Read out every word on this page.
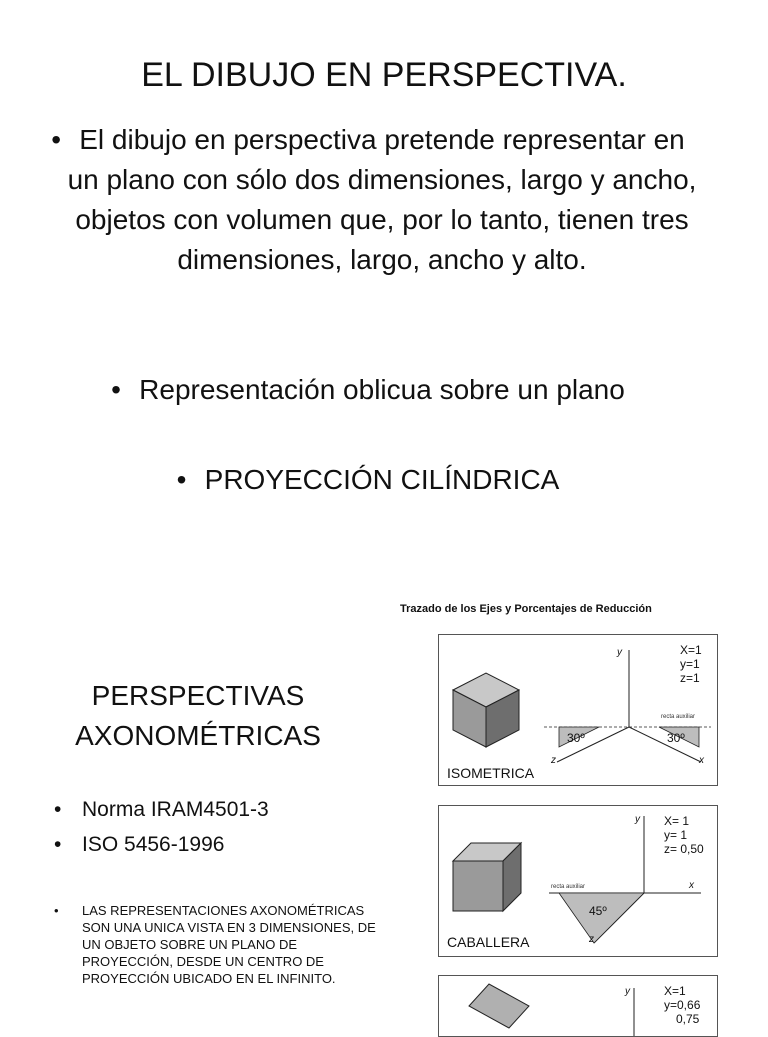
EL DIBUJO EN PERSPECTIVA.
• El dibujo en perspectiva pretende representar en un plano con sólo dos dimensiones, largo y ancho, objetos con volumen que, por lo tanto, tienen tres dimensiones, largo, ancho y alto.
• Representación oblicua sobre un plano
• PROYECCIÓN CILÍNDRICA
PERSPECTIVAS
AXONOMÉTRICAS
• Norma IRAM4501-3
• ISO 5456-1996
• LAS REPRESENTACIONES AXONOMÉTRICAS SON UNA UNICA VISTA EN 3 DIMENSIONES, DE UN OBJETO SOBRE UN PLANO DE PROYECCIÓN, DESDE UN CENTRO DE PROYECCIÓN UBICADO EN EL INFINITO.
Trazado de los Ejes y Porcentajes de Reducción
y
z	x
recta auxiliar
30º	30º
X=1
y=1
z=1
ISOMETRICA
y
x
z
recta auxiliar
45º
X= 1
y= 1
z= 0,50
CABALLERA
y	X=1
y=0,66
0,75
